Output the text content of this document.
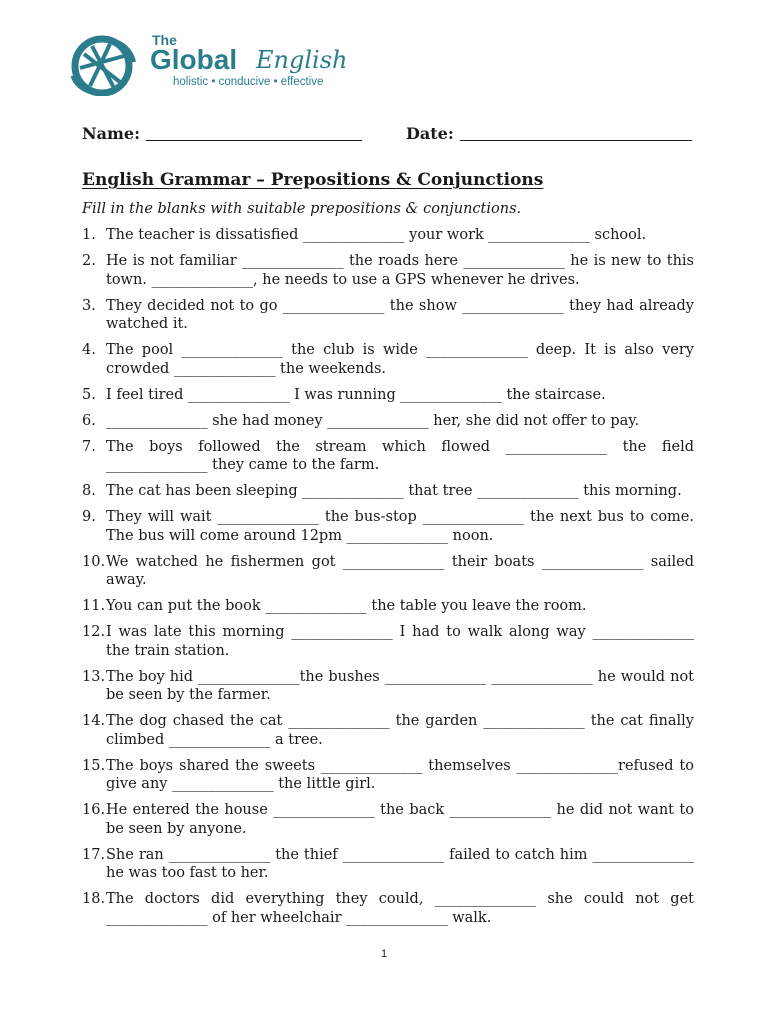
The
Global English
holistic • conducive • effective
Name:	Date:
English Grammar – Prepositions & Conjunctions
Fill in the blanks with suitable prepositions & conjunctions.
1. The teacher is dissatisfied ______________ your work ______________ school.
2. He is not familiar ______________ the roads here ______________ he is new to this town. ______________, he needs to use a GPS whenever he drives.
3. They decided not to go ______________ the show ______________ they had already watched it.
4. The pool ______________ the club is wide ______________ deep. It is also very crowded ______________ the weekends.
5. I feel tired ______________ I was running ______________ the staircase.
6. ______________ she had money ______________ her, she did not offer to pay.
7. The boys followed the stream which flowed ______________ the field ______________ they came to the farm.
8. The cat has been sleeping ______________ that tree ______________ this morning.
9. They will wait ______________ the bus-stop ______________ the next bus to come. The bus will come around 12pm ______________ noon.
10. We watched he fishermen got ______________ their boats ______________ sailed away.
11. You can put the book ______________ the table you leave the room.
12. I was late this morning ______________ I had to walk along way ______________ the train station.
13. The boy hid ______________the bushes ______________ ______________ he would not be seen by the farmer.
14. The dog chased the cat ______________ the garden ______________ the cat finally climbed ______________ a tree.
15. The boys shared the sweets ______________ themselves ______________refused to give any ______________ the little girl.
16. He entered the house ______________ the back ______________ he did not want to be seen by anyone.
17. She ran ______________ the thief ______________ failed to catch him ______________ he was too fast to her.
18. The doctors did everything they could, ______________ she could not get ______________ of her wheelchair ______________ walk.
1
